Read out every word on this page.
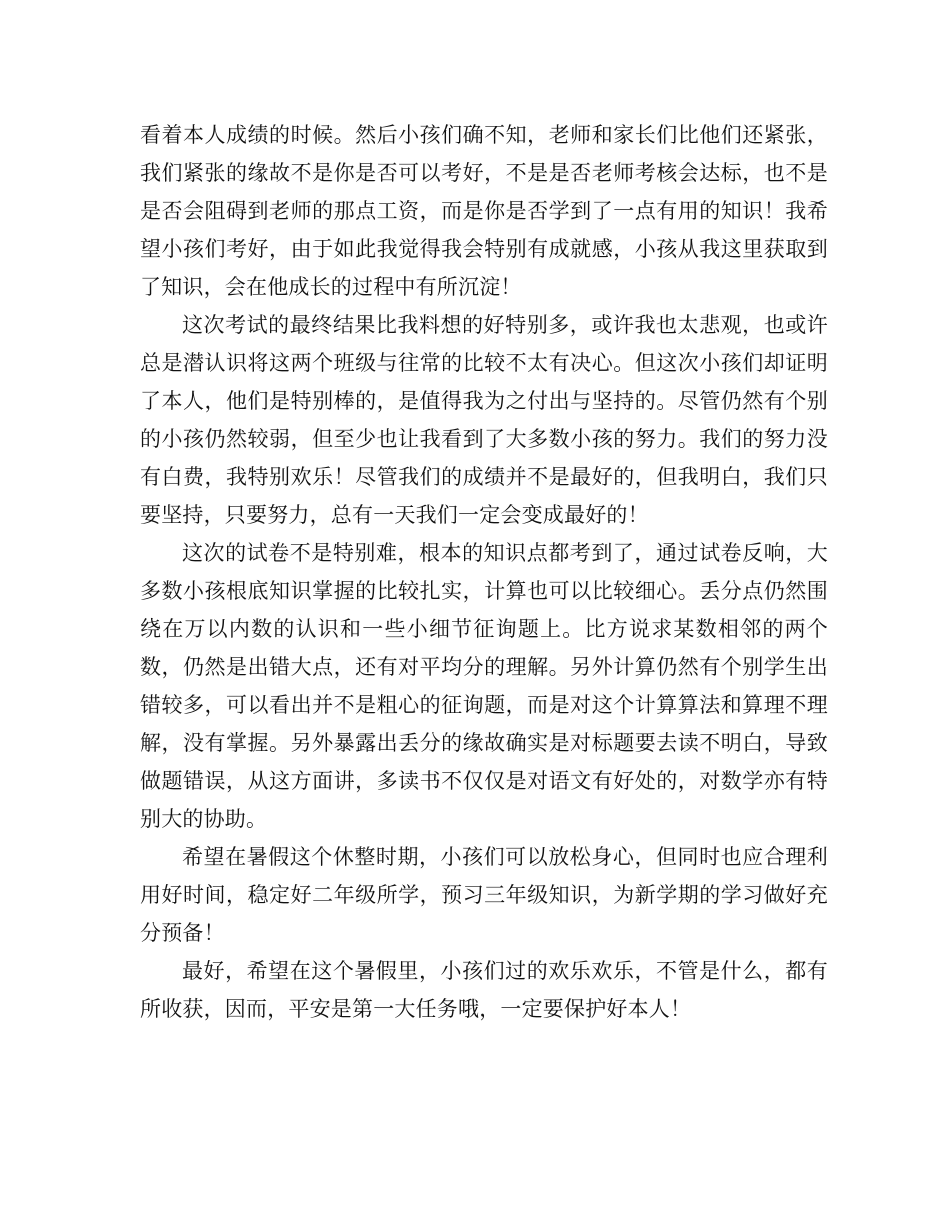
看着本人成绩的时候。然后小孩们确不知，老师和家长们比他们还紧张，我们紧张的缘故不是你是否可以考好，不是是否老师考核会达标，也不是是否会阻碍到老师的那点工资，而是你是否学到了一点有用的知识！我希望小孩们考好，由于如此我觉得我会特别有成就感，小孩从我这里获取到了知识，会在他成长的过程中有所沉淀！

这次考试的最终结果比我料想的好特别多，或许我也太悲观，也或许总是潜认识将这两个班级与往常的比较不太有决心。但这次小孩们却证明了本人，他们是特别棒的，是值得我为之付出与坚持的。尽管仍然有个别的小孩仍然较弱，但至少也让我看到了大多数小孩的努力。我们的努力没有白费，我特别欢乐！尽管我们的成绩并不是最好的，但我明白，我们只要坚持，只要努力，总有一天我们一定会变成最好的！

这次的试卷不是特别难，根本的知识点都考到了，通过试卷反响，大多数小孩根底知识掌握的比较扎实，计算也可以比较细心。丢分点仍然围绕在万以内数的认识和一些小细节征询题上。比方说求某数相邻的两个数，仍然是出错大点，还有对平均分的理解。另外计算仍然有个别学生出错较多，可以看出并不是粗心的征询题，而是对这个计算算法和算理不理解，没有掌握。另外暴露出丢分的缘故确实是对标题要去读不明白，导致做题错误，从这方面讲，多读书不仅仅是对语文有好处的，对数学亦有特别大的协助。

希望在暑假这个休整时期，小孩们可以放松身心，但同时也应合理利用好时间，稳定好二年级所学，预习三年级知识，为新学期的学习做好充分预备！

最好，希望在这个暑假里，小孩们过的欢乐欢乐，不管是什么，都有所收获，因而，平安是第一大任务哦，一定要保护好本人！
